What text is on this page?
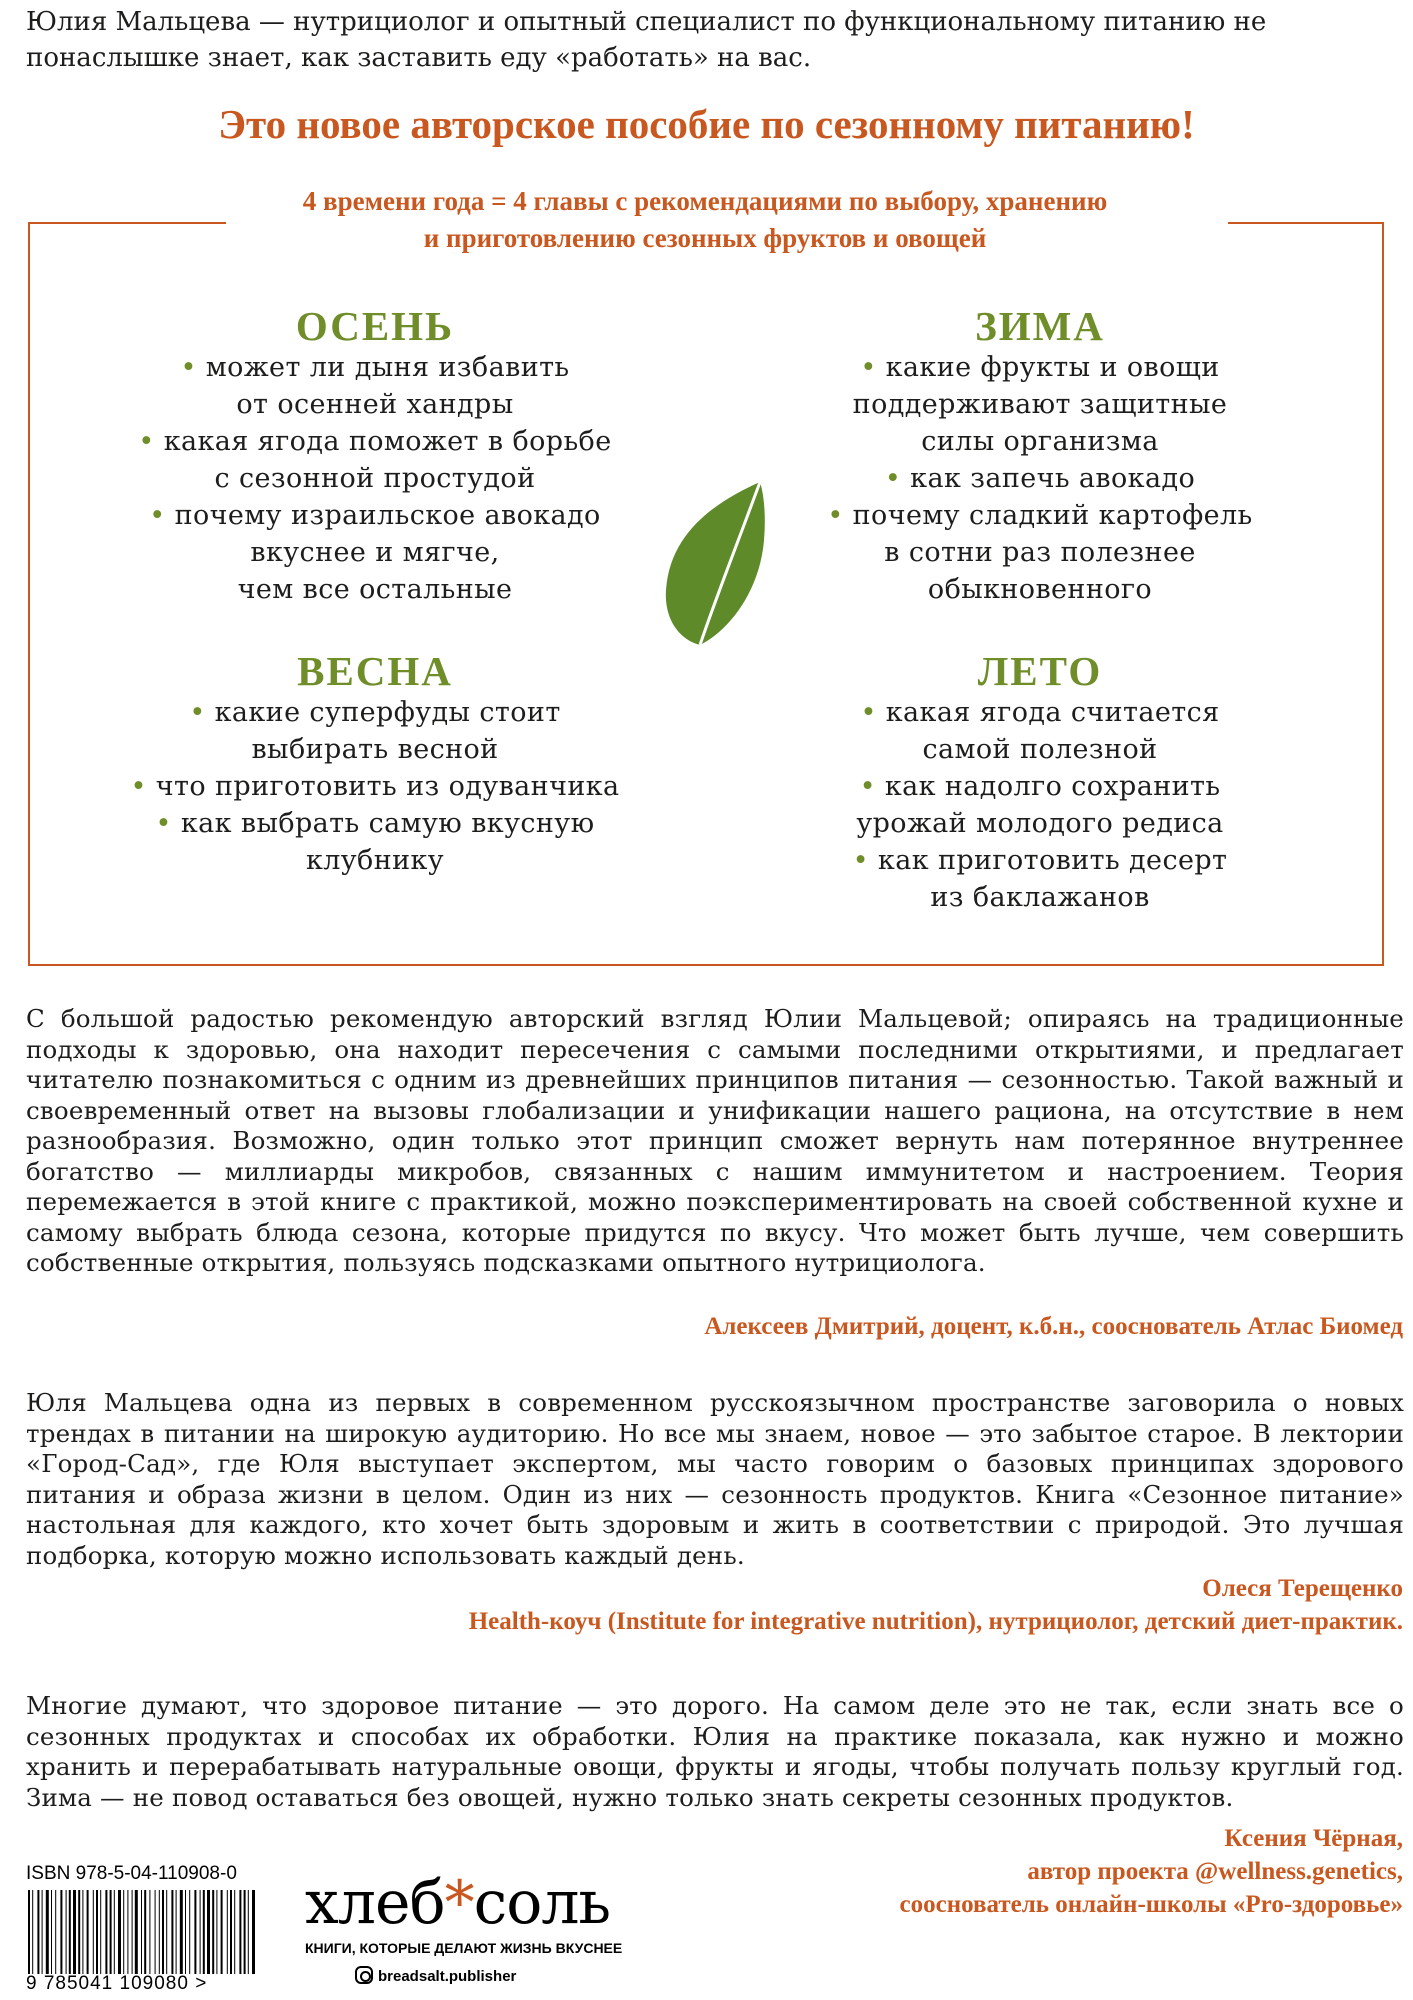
Юлия Мальцева — нутрициолог и опытный специалист по функциональному питанию не понаслышке знает, как заставить еду «работать» на вас.
Это новое авторское пособие по сезонному питанию!
4 времени года = 4 главы с рекомендациями по выбору, хранению
и приготовлению сезонных фруктов и овощей
ОСЕНЬ
• может ли дыня избавить
от осенней хандры
• какая ягода поможет в борьбе
с сезонной простудой
• почему израильское авокадо
вкуснее и мягче,
чем все остальные
ЗИМА
• какие фрукты и овощи
поддерживают защитные
силы организма
• как запечь авокадо
• почему сладкий картофель
в сотни раз полезнее
обыкновенного
ВЕСНА
• какие суперфуды стоит
выбирать весной
• что приготовить из одуванчика
• как выбрать самую вкусную
клубнику
ЛЕТО
• какая ягода считается
самой полезной
• как надолго сохранить
урожай молодого редиса
• как приготовить десерт
из баклажанов
С большой радостью рекомендую авторский взгляд Юлии Мальцевой; опираясь на традиционные подходы к здоровью, она находит пересечения с самыми последними открытиями, и предлагает читателю познакомиться с одним из древнейших принципов питания — сезонностью. Такой важный и своевременный ответ на вызовы глобализации и унификации нашего рациона, на отсутствие в нем разнообразия. Возможно, один только этот принцип сможет вернуть нам потерянное внутреннее богатство — миллиарды микробов, связанных с нашим иммунитетом и настроением. Теория перемежается в этой книге с практикой, можно поэкспериментировать на своей собственной кухне и самому выбрать блюда сезона, которые придутся по вкусу. Что может быть лучше, чем совершить собственные открытия, пользуясь подсказками опытного нутрициолога.
Алексеев Дмитрий, доцент, к.б.н., сооснователь Атлас Биомед
Юля Мальцева одна из первых в современном русскоязычном пространстве заговорила о новых трендах в питании на широкую аудиторию. Но все мы знаем, новое — это забытое старое. В лектории «Город-Сад», где Юля выступает экспертом, мы часто говорим о базовых принципах здорового питания и образа жизни в целом. Один из них — сезонность продуктов. Книга «Сезонное питание» настольная для каждого, кто хочет быть здоровым и жить в соответствии с природой. Это лучшая подборка, которую можно использовать каждый день.
Олеся Терещенко
Health-коуч (Institute for integrative nutrition), нутрициолог, детский диет-практик.
Многие думают, что здоровое питание — это дорого. На самом деле это не так, если знать все о сезонных продуктах и способах их обработки. Юлия на практике показала, как нужно и можно хранить и перерабатывать натуральные овощи, фрукты и ягоды, чтобы получать пользу круглый год. Зима — не повод оставаться без овощей, нужно только знать секреты сезонных продуктов.
Ксения Чёрная,
автор проекта @wellness.genetics,
сооснователь онлайн-школы «Pro-здоровье»
ISBN 978-5-04-110908-0
9 785041 109080 >
хлеб*соль
КНИГИ, КОТОРЫЕ ДЕЛАЮТ ЖИЗНЬ ВКУСНЕЕ
breadsalt.publisher
